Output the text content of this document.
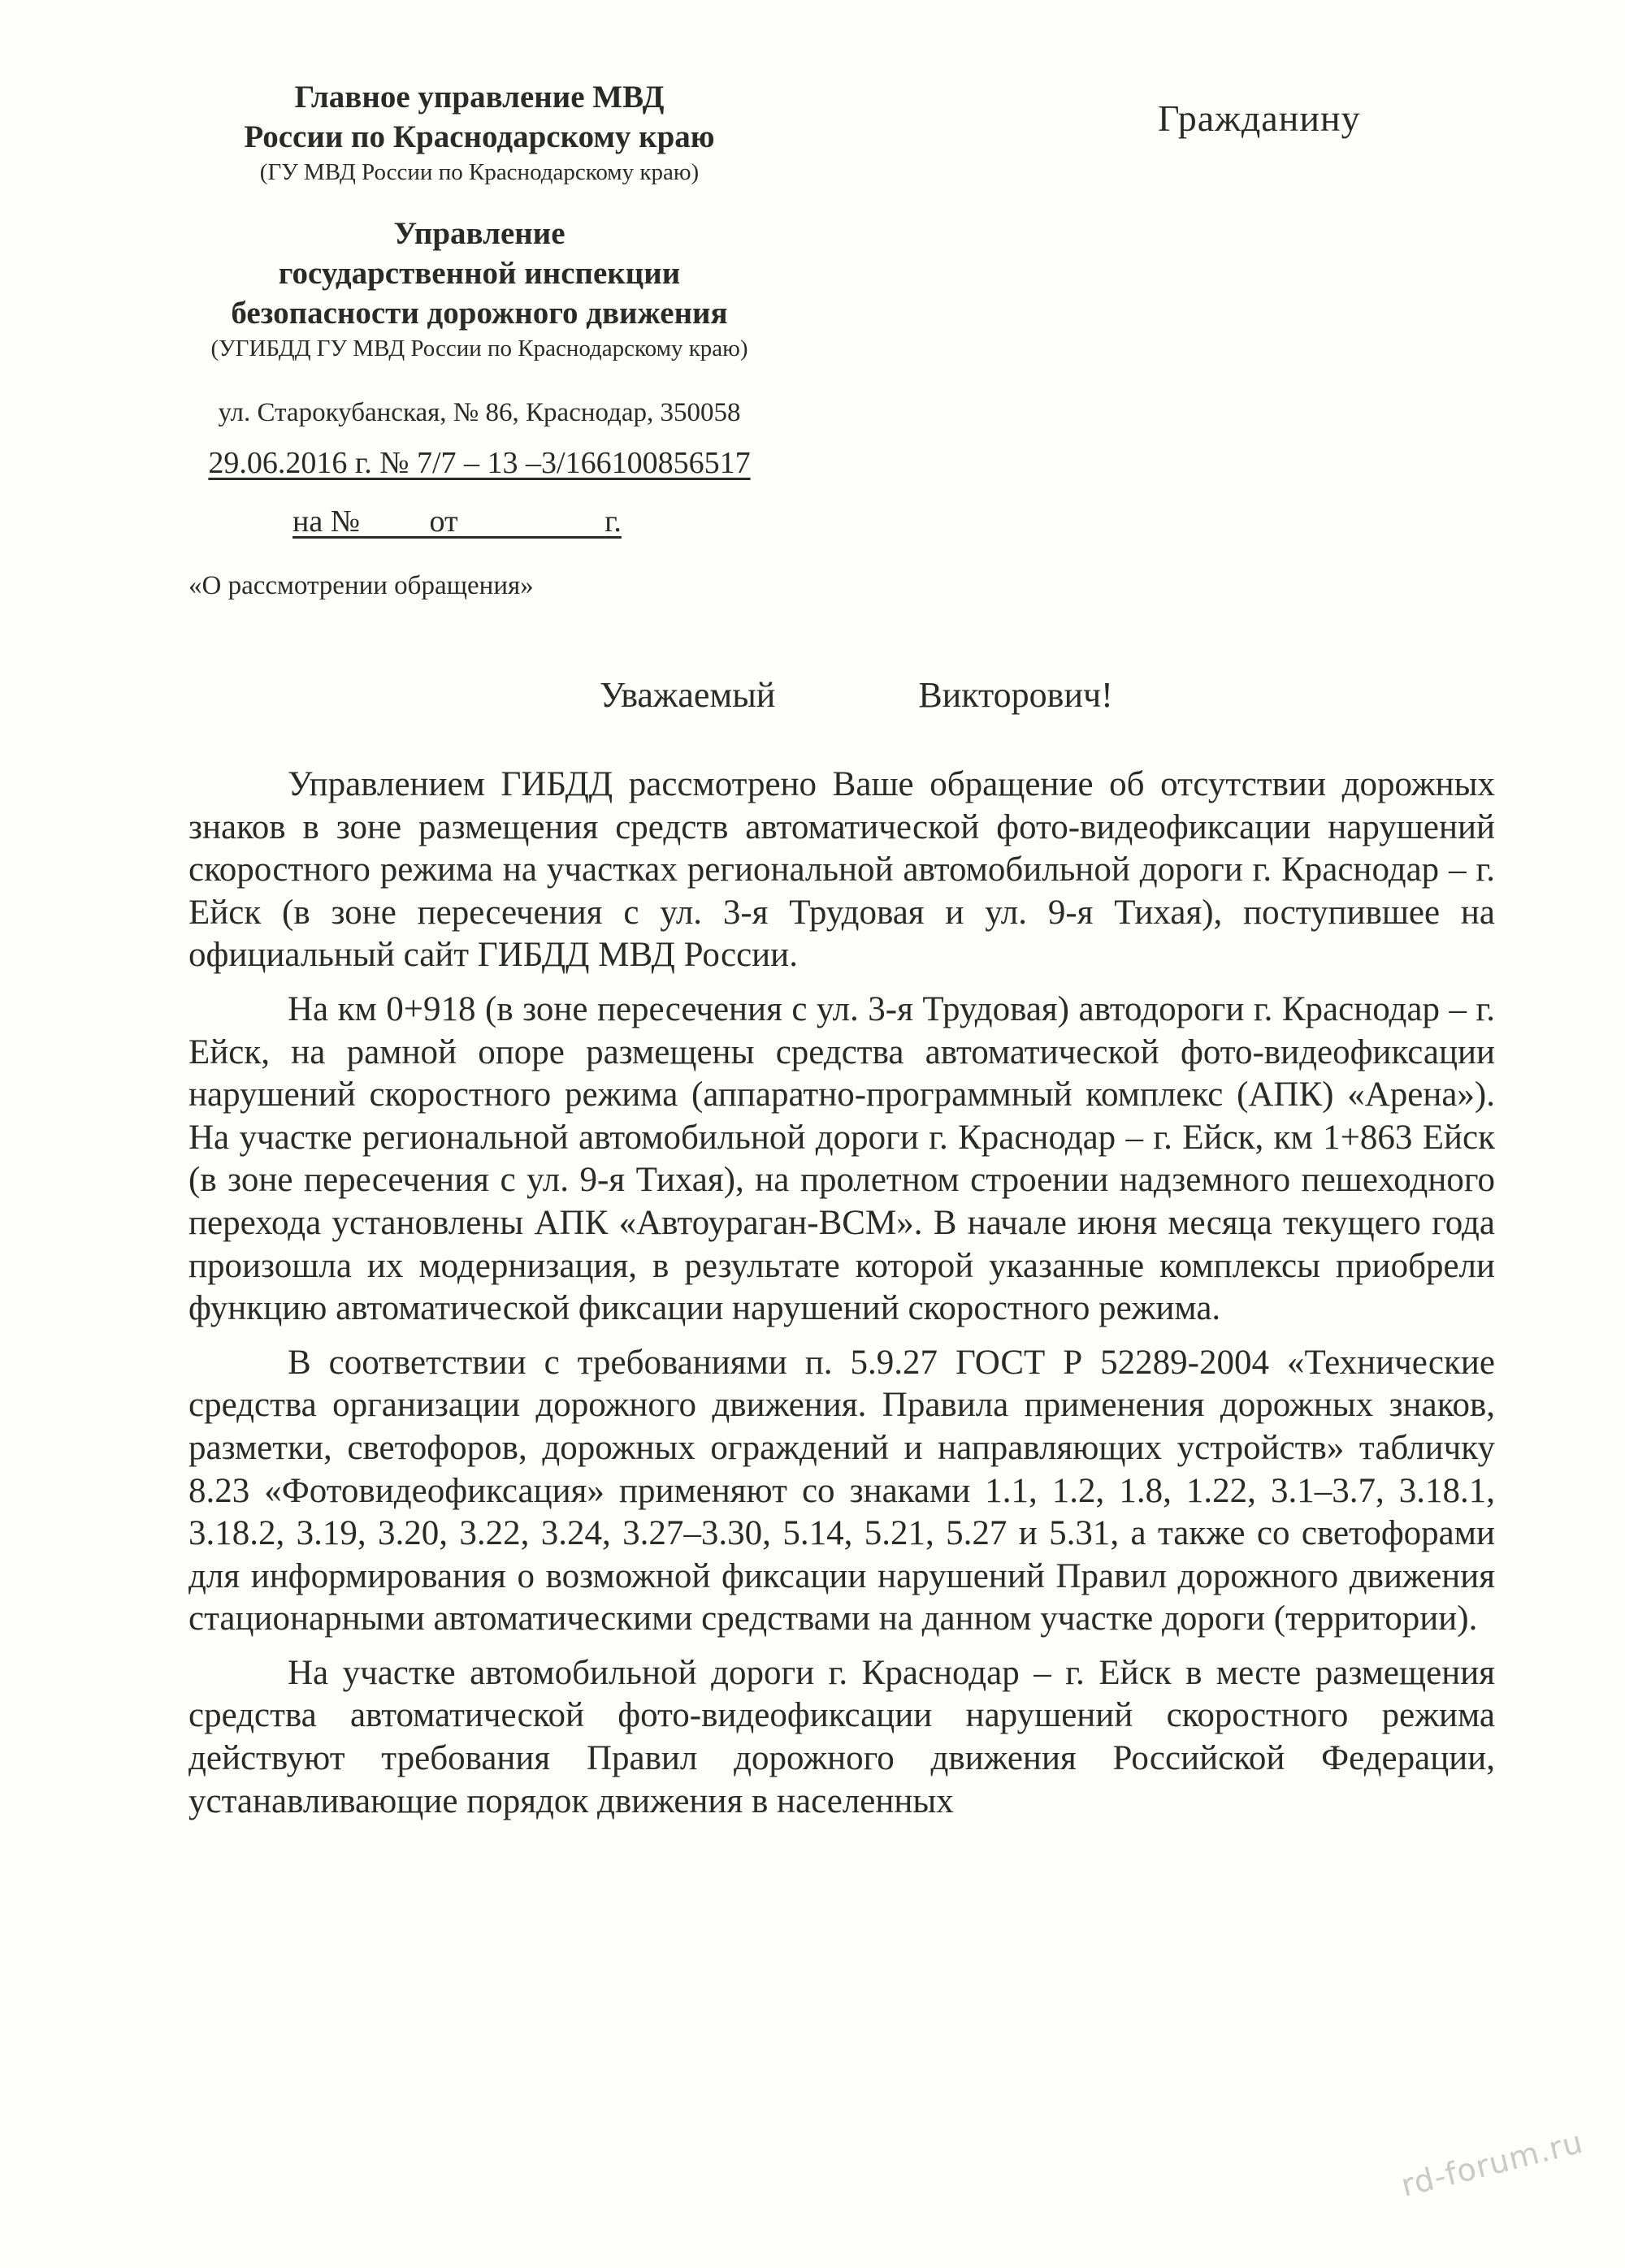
Главное управление МВД
России по Краснодарскому краю
(ГУ МВД России по Краснодарскому краю)
Управление
государственной инспекции
безопасности дорожного движения
(УГИБДД ГУ МВД России по Краснодарскому краю)
ул. Старокубанская, № 86, Краснодар, 350058
29.06.2016 г. № 7/7 – 13 –3/166100856517
на № от	г.
Гражданину
«О рассмотрении обращения»
Уважаемый                Викторович!

Управлением ГИБДД рассмотрено Ваше обращение об отсутствии дорожных знаков в зоне размещения средств автоматической фото-видеофиксации нарушений скоростного режима на участках региональной автомобильной дороги г. Краснодар – г. Ейск (в зоне пересечения с ул. 3-я Трудовая и ул. 9-я Тихая), поступившее на официальный сайт ГИБДД МВД России.

На км 0+918 (в зоне пересечения с ул. 3-я Трудовая) автодороги г. Краснодар – г. Ейск, на рамной опоре размещены средства автоматической фото-видеофиксации нарушений скоростного режима (аппаратно-программный комплекс (АПК) «Арена»). На участке региональной автомобильной дороги г. Краснодар – г. Ейск, км 1+863 Ейск (в зоне пересечения с ул. 9-я Тихая), на пролетном строении надземного пешеходного перехода установлены АПК «Автоураган-ВСМ». В начале июня месяца текущего года произошла их модернизация, в результате которой указанные комплексы приобрели функцию автоматической фиксации нарушений скоростного режима.

В соответствии с требованиями п. 5.9.27 ГОСТ Р 52289-2004 «Технические средства организации дорожного движения. Правила применения дорожных знаков, разметки, светофоров, дорожных ограждений и направляющих устройств» табличку 8.23 «Фотовидеофиксация» применяют со знаками 1.1, 1.2, 1.8, 1.22, 3.1–3.7, 3.18.1, 3.18.2, 3.19, 3.20, 3.22, 3.24, 3.27–3.30, 5.14, 5.21, 5.27 и 5.31, а также со светофорами для информирования о возможной фиксации нарушений Правил дорожного движения стационарными автоматическими средствами на данном участке дороги (территории).

На участке автомобильной дороги г. Краснодар – г. Ейск в месте размещения средства автоматической фото-видеофиксации нарушений скоростного режима действуют требования Правил дорожного движения Российской Федерации, устанавливающие порядок движения в населенных

rd-forum.ru
